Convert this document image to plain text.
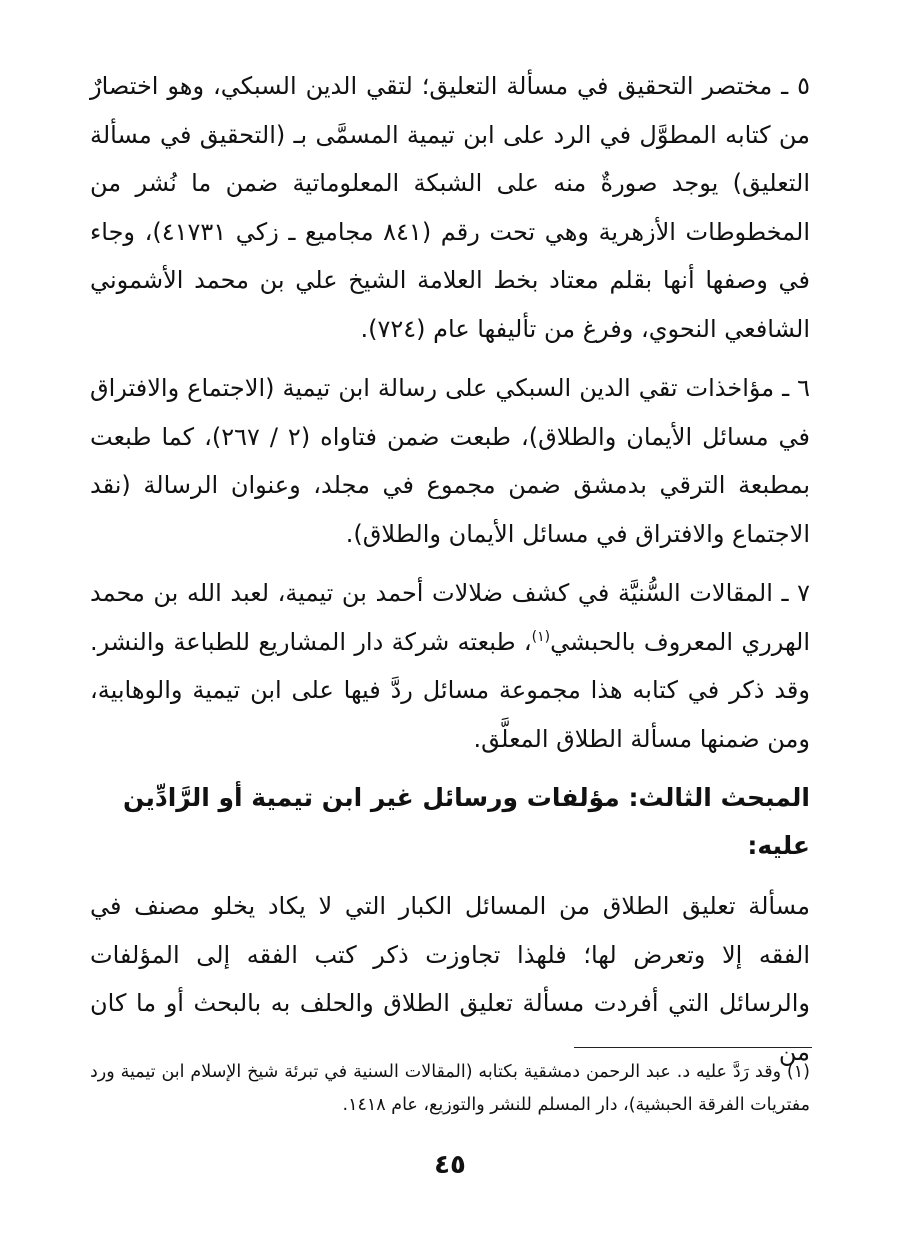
٥ ـ مختصر التحقيق في مسألة التعليق؛ لتقي الدين السبكي، وهو اختصارٌ من كتابه المطوَّل في الرد على ابن تيمية المسمَّى بـ (التحقيق في مسألة التعليق) يوجد صورةٌ منه على الشبكة المعلوماتية ضمن ما نُشر من المخطوطات الأزهرية وهي تحت رقم (٨٤١ مجاميع ـ زكي ٤١٧٣١)، وجاء في وصفها أنها بقلم معتاد بخط العلامة الشيخ علي بن محمد الأشموني الشافعي النحوي، وفرغ من تأليفها عام (٧٢٤).

٦ ـ مؤاخذات تقي الدين السبكي على رسالة ابن تيمية (الاجتماع والافتراق في مسائل الأيمان والطلاق)، طبعت ضمن فتاواه (٢ / ٢٦٧)، كما طبعت بمطبعة الترقي بدمشق ضمن مجموع في مجلد، وعنوان الرسالة (نقد الاجتماع والافتراق في مسائل الأيمان والطلاق).

٧ ـ المقالات السُّنيَّة في كشف ضلالات أحمد بن تيمية، لعبد الله بن محمد الهرري المعروف بالحبشي$^{(١)}$، طبعته شركة دار المشاريع للطباعة والنشر. وقد ذكر في كتابه هذا مجموعة مسائل ردَّ فيها على ابن تيمية والوهابية، ومن ضمنها مسألة الطلاق المعلَّق.

المبحث الثالث: مؤلفات ورسائل غير ابن تيمية أو الرَّادِّين عليه:

مسألة تعليق الطلاق من المسائل الكبار التي لا يكاد يخلو مصنف في الفقه إلا وتعرض لها؛ فلهذا تجاوزت ذكر كتب الفقه إلى المؤلفات والرسائل التي أفردت مسألة تعليق الطلاق والحلف به بالبحث أو ما كان من

(١) وقد رَدَّ عليه د. عبد الرحمن دمشقية بكتابه (المقالات السنية في تبرئة شيخ الإسلام ابن تيمية ورد مفتريات الفرقة الحبشية)، دار المسلم للنشر والتوزيع، عام ١٤١٨.
٤٥
